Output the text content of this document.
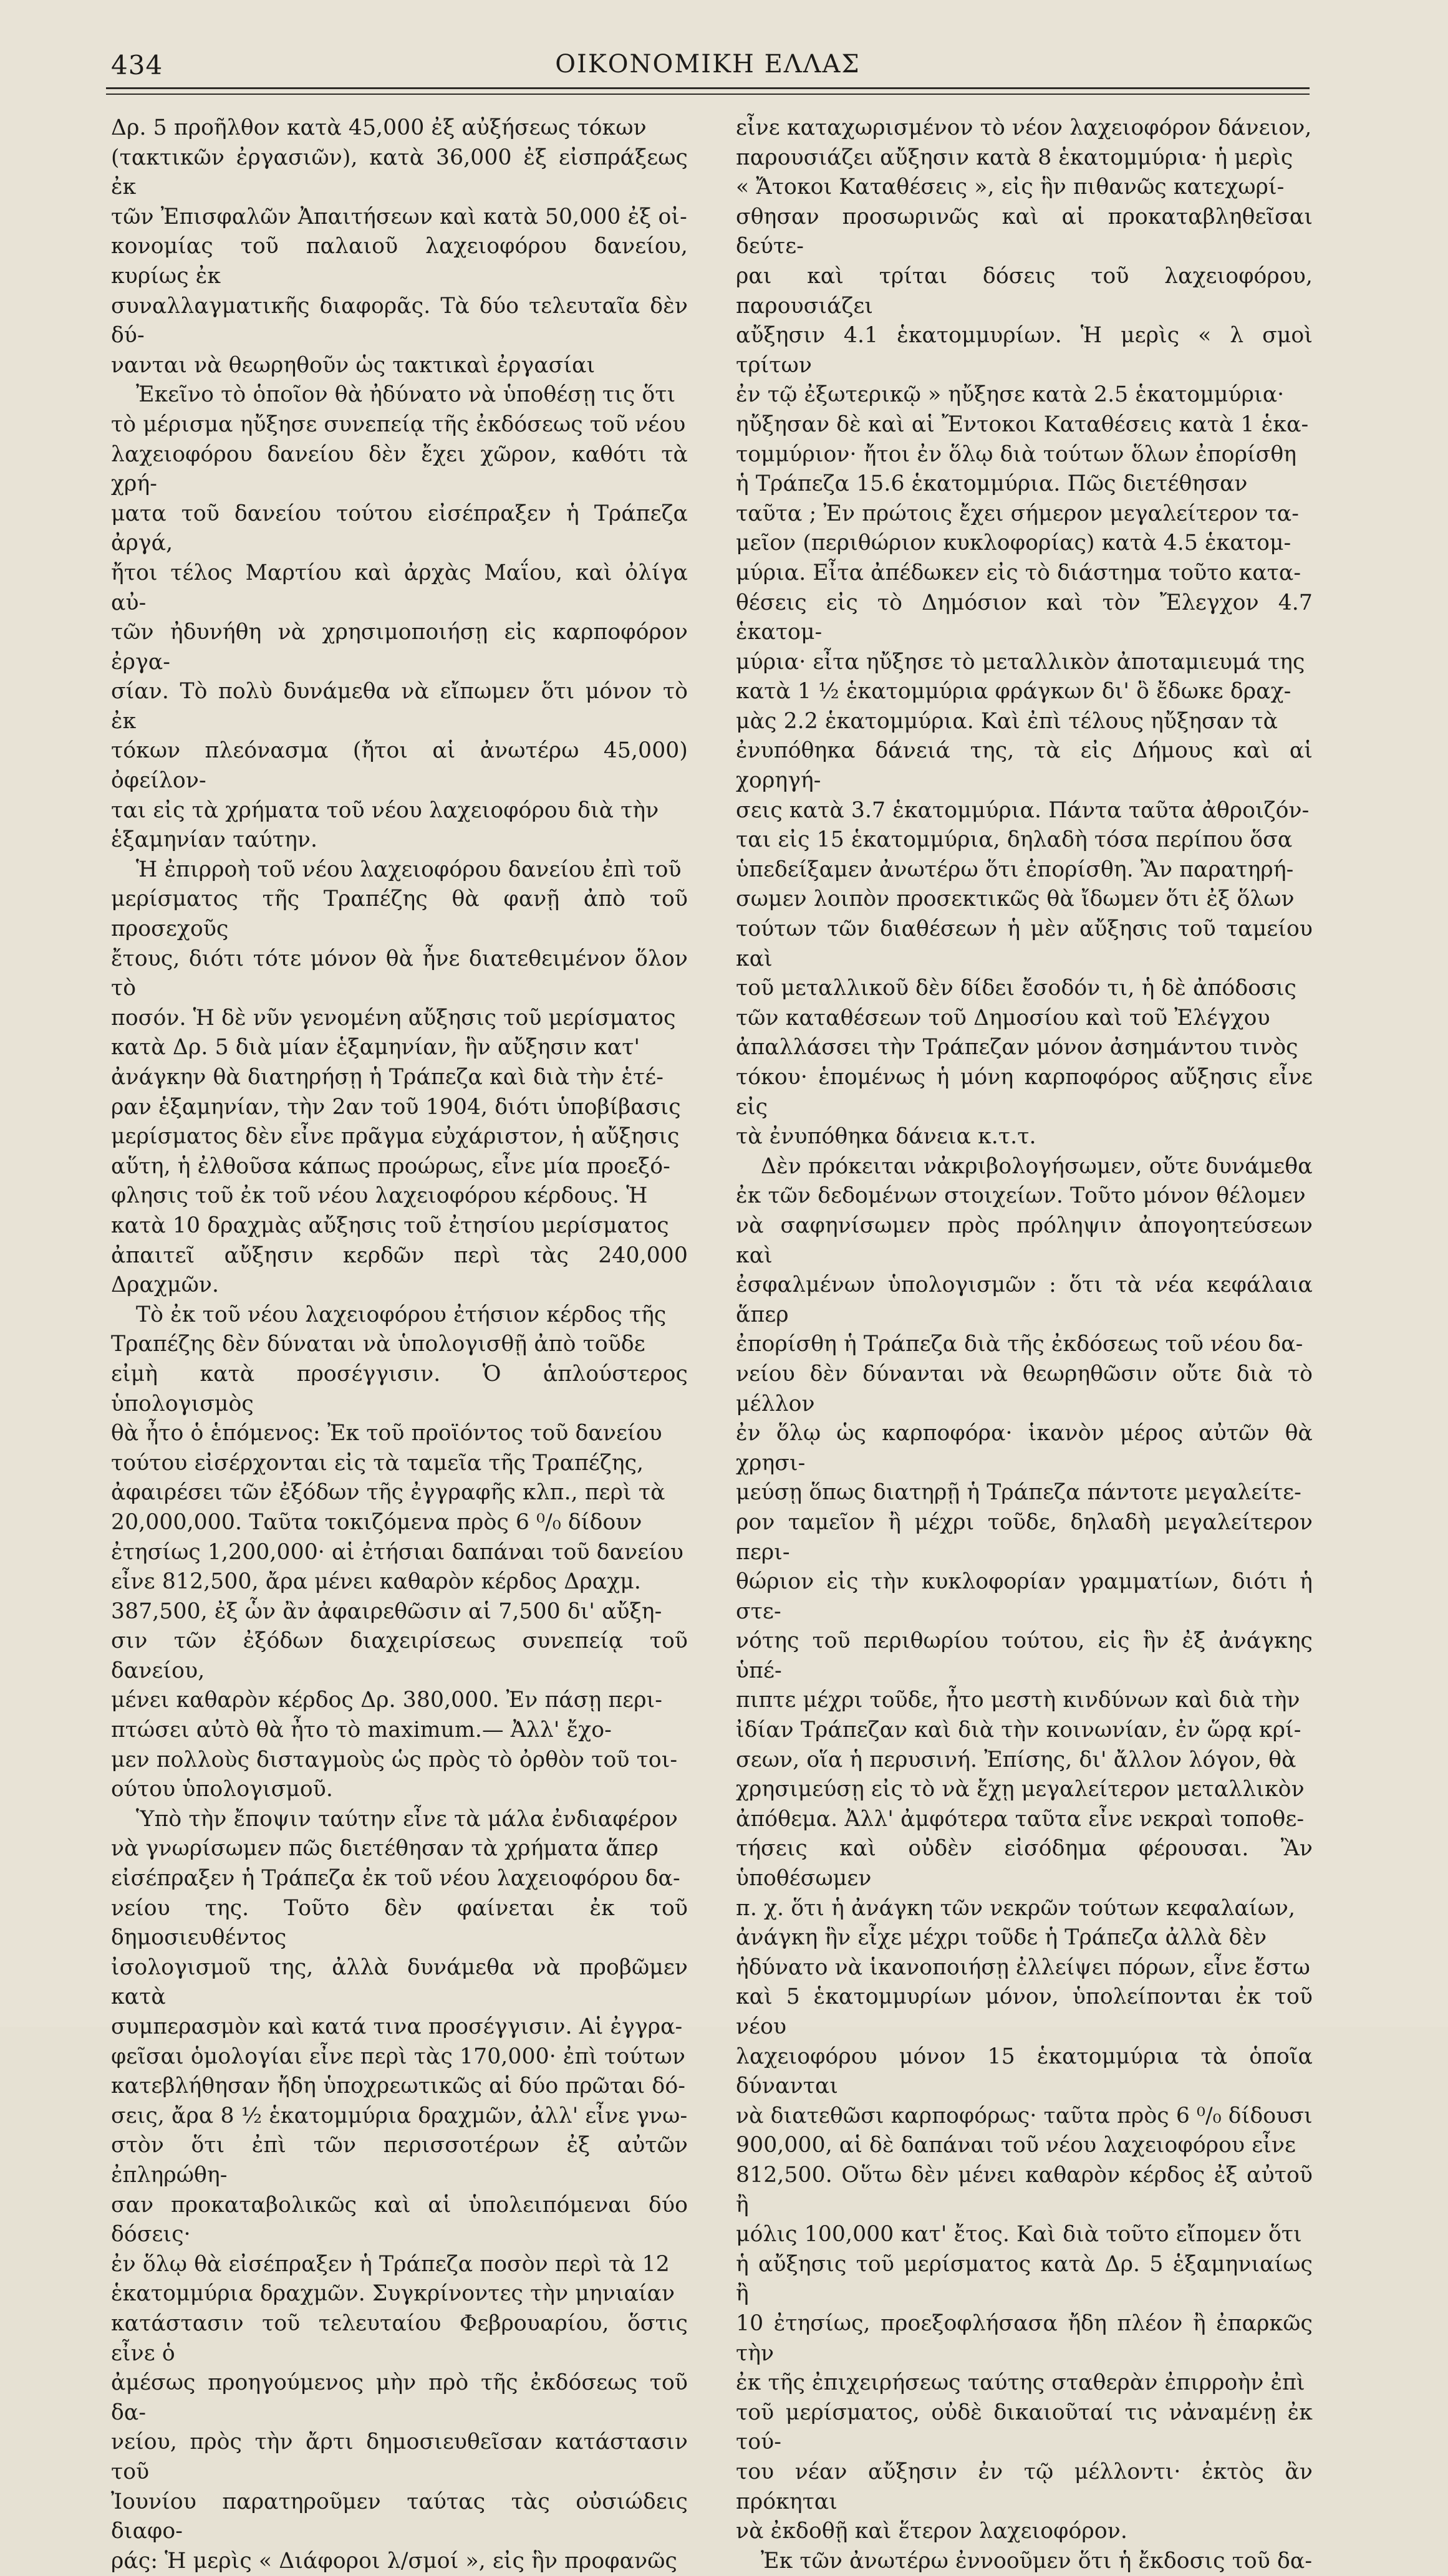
434	ΟΙΚΟΝΟΜΙΚΗ ΕΛΛΑΣ

Δρ. 5 προῆλθον κατὰ 45,000 ἐξ αὐξήσεως τόκων
(τακτικῶν ἐργασιῶν), κατὰ 36,000 ἐξ εἰσπράξεως ἐκ
τῶν Ἐπισφαλῶν Ἀπαιτήσεων καὶ κατὰ 50,000 ἐξ οἰ-
κονομίας τοῦ παλαιοῦ λαχειοφόρου δανείου, κυρίως ἐκ
συναλλαγματικῆς διαφορᾶς. Τὰ δύο τελευταῖα δὲν δύ-
νανται νὰ θεωρηθοῦν ὡς τακτικαὶ ἐργασίαι

Ἐκεῖνο τὸ ὁποῖον θὰ ἠδύνατο νὰ ὑποθέσῃ τις ὅτι
τὸ μέρισμα ηὔξησε συνεπείᾳ τῆς ἐκδόσεως τοῦ νέου
λαχειοφόρου δανείου δὲν ἔχει χῶρον, καθότι τὰ χρή-
ματα τοῦ δανείου τούτου εἰσέπραξεν ἡ Τράπεζα ἀργά,
ἤτοι τέλος Μαρτίου καὶ ἀρχὰς Μαΐου, καὶ ὀλίγα αὐ-
τῶν ἠδυνήθη νὰ χρησιμοποιήσῃ εἰς καρποφόρον ἐργα-
σίαν. Τὸ πολὺ δυνάμεθα νὰ εἴπωμεν ὅτι μόνον τὸ ἐκ
τόκων πλεόνασμα (ἤτοι αἱ ἀνωτέρω 45,000) ὀφείλον-
ται εἰς τὰ χρήματα τοῦ νέου λαχειοφόρου διὰ τὴν
ἑξαμηνίαν ταύτην.

Ἡ ἐπιρροὴ τοῦ νέου λαχειοφόρου δανείου ἐπὶ τοῦ
μερίσματος τῆς Τραπέζης θὰ φανῇ ἀπὸ τοῦ προσεχοῦς
ἔτους, διότι τότε μόνον θὰ ἦνε διατεθειμένον ὅλον τὸ
ποσόν. Ἡ δὲ νῦν γενομένη αὔξησις τοῦ μερίσματος
κατὰ Δρ. 5 διὰ μίαν ἑξαμηνίαν, ἣν αὔξησιν κατ'
ἀνάγκην θὰ διατηρήσῃ ἡ Τράπεζα καὶ διὰ τὴν ἑτέ-
ραν ἑξαμηνίαν, τὴν 2αν τοῦ 1904, διότι ὑποβίβασις
μερίσματος δὲν εἶνε πρᾶγμα εὐχάριστον, ἡ αὔξησις
αὕτη, ἡ ἐλθοῦσα κάπως προώρως, εἶνε μία προεξό-
φλησις τοῦ ἐκ τοῦ νέου λαχειοφόρου κέρδους. Ἡ
κατὰ 10 δραχμὰς αὔξησις τοῦ ἐτησίου μερίσματος
ἀπαιτεῖ αὔξησιν κερδῶν περὶ τὰς 240,000 Δραχμῶν.

Τὸ ἐκ τοῦ νέου λαχειοφόρου ἐτήσιον κέρδος τῆς
Τραπέζης δὲν δύναται νὰ ὑπολογισθῇ ἀπὸ τοῦδε
εἰμὴ κατὰ προσέγγισιν. Ὁ ἁπλούστερος ὑπολογισμὸς
θὰ ἦτο ὁ ἑπόμενος: Ἐκ τοῦ προϊόντος τοῦ δανείου
τούτου εἰσέρχονται εἰς τὰ ταμεῖα τῆς Τραπέζης,
ἀφαιρέσει τῶν ἐξόδων τῆς ἐγγραφῆς κλπ., περὶ τὰ
20,000,000. Ταῦτα τοκιζόμενα πρὸς 6 ⁰/₀ δίδουν
ἐτησίως 1,200,000· αἱ ἐτήσιαι δαπάναι τοῦ δανείου
εἶνε 812,500, ἄρα μένει καθαρὸν κέρδος Δραχμ.
387,500, ἐξ ὧν ἂν ἀφαιρεθῶσιν αἱ 7,500 δι' αὔξη-
σιν τῶν ἐξόδων διαχειρίσεως συνεπείᾳ τοῦ δανείου,
μένει καθαρὸν κέρδος Δρ. 380,000. Ἐν πάσῃ περι-
πτώσει αὐτὸ θὰ ἦτο τὸ maximum.— Ἀλλ' ἔχο-
μεν πολλοὺς δισταγμοὺς ὡς πρὸς τὸ ὀρθὸν τοῦ τοι-
ούτου ὑπολογισμοῦ.

Ὑπὸ τὴν ἔποψιν ταύτην εἶνε τὰ μάλα ἐνδιαφέρον
νὰ γνωρίσωμεν πῶς διετέθησαν τὰ χρήματα ἅπερ
εἰσέπραξεν ἡ Τράπεζα ἐκ τοῦ νέου λαχειοφόρου δα-
νείου της. Τοῦτο δὲν φαίνεται ἐκ τοῦ δημοσιευθέντος
ἰσολογισμοῦ της, ἀλλὰ δυνάμεθα νὰ προβῶμεν κατὰ
συμπερασμὸν καὶ κατά τινα προσέγγισιν. Αἱ ἐγγρα-
φεῖσαι ὁμολογίαι εἶνε περὶ τὰς 170,000· ἐπὶ τούτων
κατεβλήθησαν ἤδη ὑποχρεωτικῶς αἱ δύο πρῶται δό-
σεις, ἄρα 8 ½ ἑκατομμύρια δραχμῶν, ἀλλ' εἶνε γνω-
στὸν ὅτι ἐπὶ τῶν περισσοτέρων ἐξ αὐτῶν ἐπληρώθη-
σαν προκαταβολικῶς καὶ αἱ ὑπολειπόμεναι δύο δόσεις·
ἐν ὅλῳ θὰ εἰσέπραξεν ἡ Τράπεζα ποσὸν περὶ τὰ 12
ἑκατομμύρια δραχμῶν. Συγκρίνοντες τὴν μηνιαίαν
κατάστασιν τοῦ τελευταίου Φεβρουαρίου, ὅστις εἶνε ὁ
ἀμέσως προηγούμενος μὴν πρὸ τῆς ἐκδόσεως τοῦ δα-
νείου, πρὸς τὴν ἄρτι δημοσιευθεῖσαν κατάστασιν τοῦ
Ἰουνίου παρατηροῦμεν ταύτας τὰς οὐσιώδεις διαφο-
ράς: Ἡ μερὶς « Διάφοροι λ/σμοί », εἰς ἣν προφανῶς

εἶνε καταχωρισμένον τὸ νέον λαχειοφόρον δάνειον,
παρουσιάζει αὔξησιν κατὰ 8 ἑκατομμύρια· ἡ μερὶς
« Ἄτοκοι Καταθέσεις », εἰς ἣν πιθανῶς κατεχωρί-
σθησαν προσωρινῶς καὶ αἱ προκαταβληθεῖσαι δεύτε-
ραι καὶ τρίται δόσεις τοῦ λαχειοφόρου, παρουσιάζει
αὔξησιν 4.1 ἑκατομμυρίων. Ἡ μερὶς « λ σμοὶ τρίτων
ἐν τῷ ἐξωτερικῷ » ηὔξησε κατὰ 2.5 ἑκατομμύρια·
ηὔξησαν δὲ καὶ αἱ Ἔντοκοι Καταθέσεις κατὰ 1 ἑκα-
τομμύριον· ἤτοι ἐν ὅλῳ διὰ τούτων ὅλων ἐπορίσθη
ἡ Τράπεζα 15.6 ἑκατομμύρια. Πῶς διετέθησαν
ταῦτα ; Ἐν πρώτοις ἔχει σήμερον μεγαλείτερον τα-
μεῖον (περιθώριον κυκλοφορίας) κατὰ 4.5 ἑκατομ-
μύρια. Εἶτα ἀπέδωκεν εἰς τὸ διάστημα τοῦτο κατα-
θέσεις εἰς τὸ Δημόσιον καὶ τὸν Ἔλεγχον 4.7 ἑκατομ-
μύρια· εἶτα ηὔξησε τὸ μεταλλικὸν ἀποταμιευμά της
κατὰ 1 ½ ἑκατομμύρια φράγκων δι' ὃ ἔδωκε δραχ-
μὰς 2.2 ἑκατομμύρια. Καὶ ἐπὶ τέλους ηὔξησαν τὰ
ἐνυπόθηκα δάνειά της, τὰ εἰς Δήμους καὶ αἱ χορηγή-
σεις κατὰ 3.7 ἑκατομμύρια. Πάντα ταῦτα ἀθροιζόν-
ται εἰς 15 ἑκατομμύρια, δηλαδὴ τόσα περίπου ὅσα
ὑπεδείξαμεν ἀνωτέρω ὅτι ἐπορίσθη. Ἂν παρατηρή-
σωμεν λοιπὸν προσεκτικῶς θὰ ἴδωμεν ὅτι ἐξ ὅλων
τούτων τῶν διαθέσεων ἡ μὲν αὔξησις τοῦ ταμείου καὶ
τοῦ μεταλλικοῦ δὲν δίδει ἔσοδόν τι, ἡ δὲ ἀπόδοσις
τῶν καταθέσεων τοῦ Δημοσίου καὶ τοῦ Ἐλέγχου
ἀπαλλάσσει τὴν Τράπεζαν μόνον ἀσημάντου τινὸς
τόκου· ἑπομένως ἡ μόνη καρποφόρος αὔξησις εἶνε εἰς
τὰ ἐνυπόθηκα δάνεια κ.τ.τ.

Δὲν πρόκειται νἀκριβολογήσωμεν, οὔτε δυνάμεθα
ἐκ τῶν δεδομένων στοιχείων. Τοῦτο μόνον θέλομεν
νὰ σαφηνίσωμεν πρὸς πρόληψιν ἀπογοητεύσεων καὶ
ἐσφαλμένων ὑπολογισμῶν : ὅτι τὰ νέα κεφάλαια ἅπερ
ἐπορίσθη ἡ Τράπεζα διὰ τῆς ἐκδόσεως τοῦ νέου δα-
νείου δὲν δύνανται νὰ θεωρηθῶσιν οὔτε διὰ τὸ μέλλον
ἐν ὅλῳ ὡς καρποφόρα· ἱκανὸν μέρος αὐτῶν θὰ χρησι-
μεύσῃ ὅπως διατηρῇ ἡ Τράπεζα πάντοτε μεγαλείτε-
ρον ταμεῖον ἢ μέχρι τοῦδε, δηλαδὴ μεγαλείτερον περι-
θώριον εἰς τὴν κυκλοφορίαν γραμματίων, διότι ἡ στε-
νότης τοῦ περιθωρίου τούτου, εἰς ἣν ἐξ ἀνάγκης ὑπέ-
πιπτε μέχρι τοῦδε, ἦτο μεστὴ κινδύνων καὶ διὰ τὴν
ἰδίαν Τράπεζαν καὶ διὰ τὴν κοινωνίαν, ἐν ὥρᾳ κρί-
σεων, οἵα ἡ περυσινή. Ἐπίσης, δι' ἄλλον λόγον, θὰ
χρησιμεύσῃ εἰς τὸ νὰ ἔχῃ μεγαλείτερον μεταλλικὸν
ἀπόθεμα. Ἀλλ' ἀμφότερα ταῦτα εἶνε νεκραὶ τοποθε-
τήσεις καὶ οὐδὲν εἰσόδημα φέρουσαι. Ἂν ὑποθέσωμεν
π. χ. ὅτι ἡ ἀνάγκη τῶν νεκρῶν τούτων κεφαλαίων,
ἀνάγκη ἣν εἶχε μέχρι τοῦδε ἡ Τράπεζα ἀλλὰ δὲν
ἠδύνατο νὰ ἱκανοποιήσῃ ἐλλείψει πόρων, εἶνε ἔστω
καὶ 5 ἑκατομμυρίων μόνον, ὑπολείπονται ἐκ τοῦ νέου
λαχειοφόρου μόνον 15 ἑκατομμύρια τὰ ὁποῖα δύνανται
νὰ διατεθῶσι καρποφόρως· ταῦτα πρὸς 6 ⁰/₀ δίδουσι
900,000, αἱ δὲ δαπάναι τοῦ νέου λαχειοφόρου εἶνε
812,500. Οὕτω δὲν μένει καθαρὸν κέρδος ἐξ αὐτοῦ ἢ
μόλις 100,000 κατ' ἔτος. Καὶ διὰ τοῦτο εἴπομεν ὅτι
ἡ αὔξησις τοῦ μερίσματος κατὰ Δρ. 5 ἑξαμηνιαίως ἢ
10 ἐτησίως, προεξοφλήσασα ἤδη πλέον ἢ ἐπαρκῶς τὴν
ἐκ τῆς ἐπιχειρήσεως ταύτης σταθερὰν ἐπιρροὴν ἐπὶ
τοῦ μερίσματος, οὐδὲ δικαιοῦταί τις νἀναμένῃ ἐκ τού-
του νέαν αὔξησιν ἐν τῷ μέλλοντι· ἐκτὸς ἂν πρόκηται
νὰ ἐκδοθῇ καὶ ἕτερον λαχειοφόρον.

Ἐκ τῶν ἀνωτέρω ἐννοοῦμεν ὅτι ἡ ἔκδοσις τοῦ δα-
